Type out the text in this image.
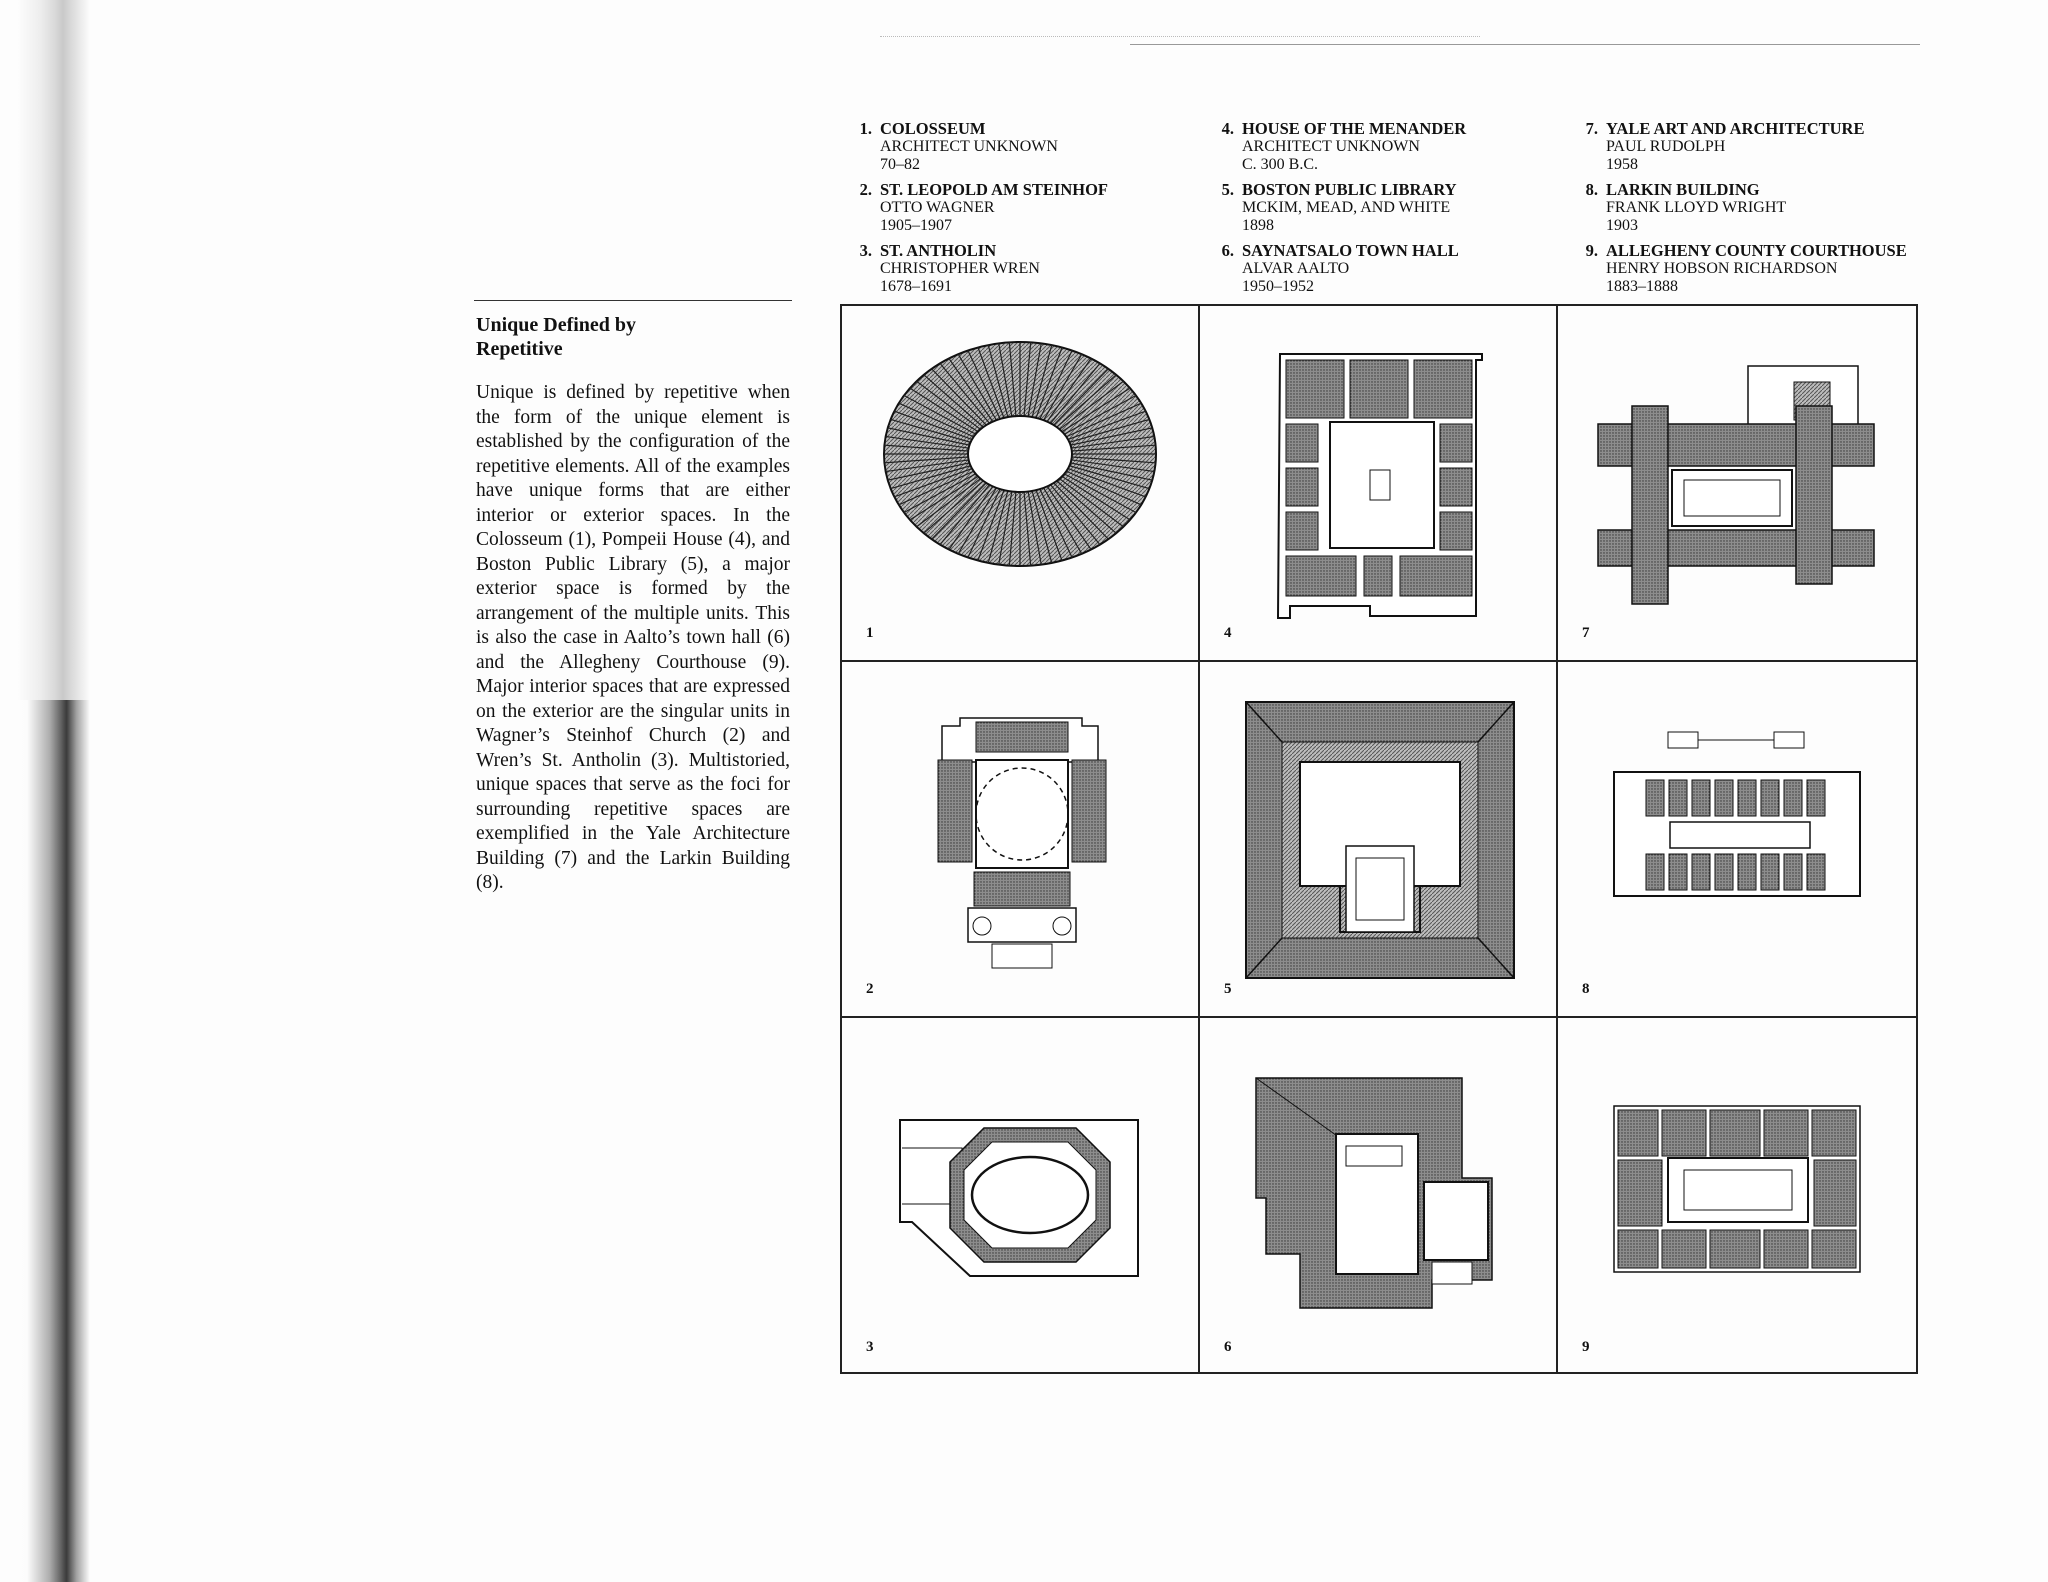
Unique Defined by
Repetitive

Unique is defined by repetitive when the form of the unique element is established by the configuration of the repetitive elements. All of the examples have unique forms that are either interior or exterior spaces. In the Colosseum (1), Pompeii House (4), and Boston Public Library (5), a major exterior space is formed by the arrangement of the multiple units. This is also the case in Aalto’s town hall (6) and the Allegheny Courthouse (9). Major interior spaces that are expressed on the exterior are the singular units in Wagner’s Steinhof Church (2) and Wren’s St. Antholin (3). Multistoried, unique spaces that serve as the foci for surrounding repetitive spaces are exemplified in the Yale Architecture Building (7) and the Larkin Building (8).

1. COLOSSEUM
ARCHITECT UNKNOWN
70–82
2. ST. LEOPOLD AM STEINHOF
OTTO WAGNER
1905–1907
3. ST. ANTHOLIN
CHRISTOPHER WREN
1678–1691
4. HOUSE OF THE MENANDER
ARCHITECT UNKNOWN
C. 300 B.C.
5. BOSTON PUBLIC LIBRARY
MCKIM, MEAD, AND WHITE
1898
6. SAYNATSALO TOWN HALL
ALVAR AALTO
1950–1952
7. YALE ART AND ARCHITECTURE
PAUL RUDOLPH
1958
8. LARKIN BUILDING
FRANK LLOYD WRIGHT
1903
9. ALLEGHENY COUNTY COURTHOUSE
HENRY HOBSON RICHARDSON
1883–1888
1	4	7
2	5	8
3	6	9
